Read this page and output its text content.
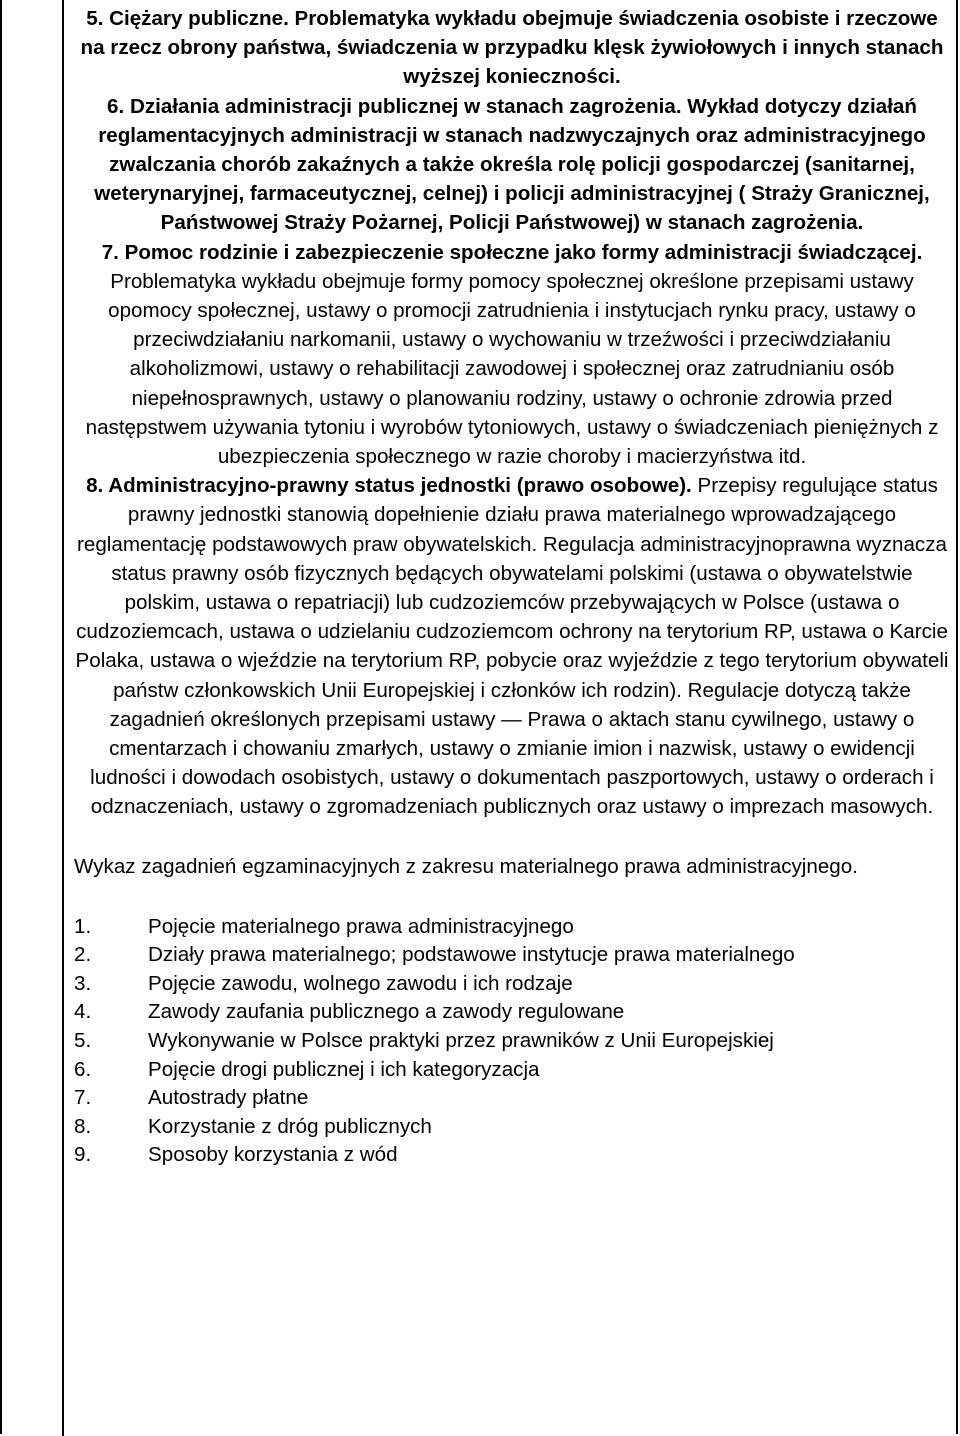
5. Ciężary publiczne. Problematyka wykładu obejmuje świadczenia osobiste i rzeczowe na rzecz obrony państwa, świadczenia w przypadku klęsk żywiołowych i innych stanach wyższej konieczności.

6. Działania administracji publicznej w stanach zagrożenia. Wykład dotyczy działań reglamentacyjnych administracji w stanach nadzwyczajnych oraz administracyjnego zwalczania chorób zakaźnych a także określa rolę policji gospodarczej (sanitarnej, weterynaryjnej, farmaceutycznej, celnej) i policji administracyjnej ( Straży Granicznej, Państwowej Straży Pożarnej, Policji Państwowej) w stanach zagrożenia.

7. Pomoc rodzinie i zabezpieczenie społeczne jako formy administracji świadczącej. Problematyka wykładu obejmuje formy pomocy społecznej określone przepisami ustawy opomocy społecznej, ustawy o promocji zatrudnienia i instytucjach rynku pracy, ustawy o przeciwdziałaniu narkomanii, ustawy o wychowaniu w trzeźwości i przeciwdziałaniu alkoholizmowi, ustawy o rehabilitacji zawodowej i społecznej oraz zatrudnianiu osób niepełnosprawnych, ustawy o planowaniu rodziny, ustawy o ochronie zdrowia przed następstwem używania tytoniu i wyrobów tytoniowych, ustawy o świadczeniach pieniężnych z ubezpieczenia społecznego w razie choroby i macierzyństwa itd.

8. Administracyjno-prawny status jednostki (prawo osobowe). Przepisy regulujące status prawny jednostki stanowią dopełnienie działu prawa materialnego wprowadzającego reglamentację podstawowych praw obywatelskich. Regulacja administracyjnoprawna wyznacza status prawny osób fizycznych będących obywatelami polskimi (ustawa o obywatelstwie polskim, ustawa o repatriacji) lub cudzoziemców przebywających w Polsce (ustawa o cudzoziemcach, ustawa o udzielaniu cudzoziemcom ochrony na terytorium RP, ustawa o Karcie Polaka, ustawa o wjeździe na terytorium RP, pobycie oraz wyjeździe z tego terytorium obywateli państw członkowskich Unii Europejskiej i członków ich rodzin). Regulacje dotyczą także zagadnień określonych przepisami ustawy — Prawa o aktach stanu cywilnego, ustawy o cmentarzach i chowaniu zmarłych, ustawy o zmianie imion i nazwisk, ustawy o ewidencji ludności i dowodach osobistych, ustawy o dokumentach paszportowych, ustawy o orderach i odznaczeniach, ustawy o zgromadzeniach publicznych oraz ustawy o imprezach masowych.

Wykaz zagadnień egzaminacyjnych z zakresu materialnego prawa administracyjnego.
1.	Pojęcie materialnego prawa administracyjnego
2.	Działy prawa materialnego; podstawowe instytucje prawa materialnego
3.	Pojęcie zawodu, wolnego zawodu i ich rodzaje
4.	Zawody zaufania publicznego a zawody regulowane
5.	Wykonywanie w Polsce praktyki przez prawników z Unii Europejskiej
6.	Pojęcie drogi publicznej i ich kategoryzacja
7.	Autostrady płatne
8.	Korzystanie z dróg publicznych
9.	Sposoby korzystania z wód
